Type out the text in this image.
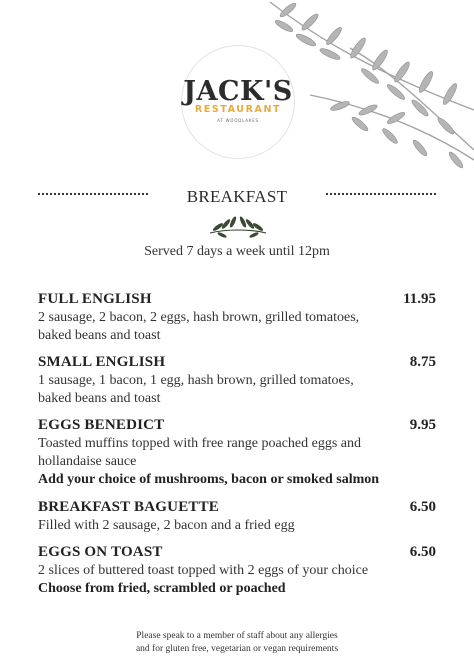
JACK'S
RESTAURANT
AT WOODLAKES
BREAKFAST
Served 7 days a week until 12pm
FULL ENGLISH	11.95
2 sausage, 2 bacon, 2 eggs, hash brown, grilled tomatoes, baked beans and toast
SMALL ENGLISH	8.75
1 sausage, 1 bacon, 1 egg, hash brown, grilled tomatoes, baked beans and toast
EGGS BENEDICT	9.95
Toasted muffins topped with free range poached eggs and hollandaise sauce
Add your choice of mushrooms, bacon or smoked salmon
BREAKFAST BAGUETTE	6.50
Filled with 2 sausage, 2 bacon and a fried egg
EGGS ON TOAST	6.50
2 slices of buttered toast topped with 2 eggs of your choice
Choose from fried, scrambled or poached
Please speak to a member of staff about any allergies
and for gluten free, vegetarian or vegan requirements
